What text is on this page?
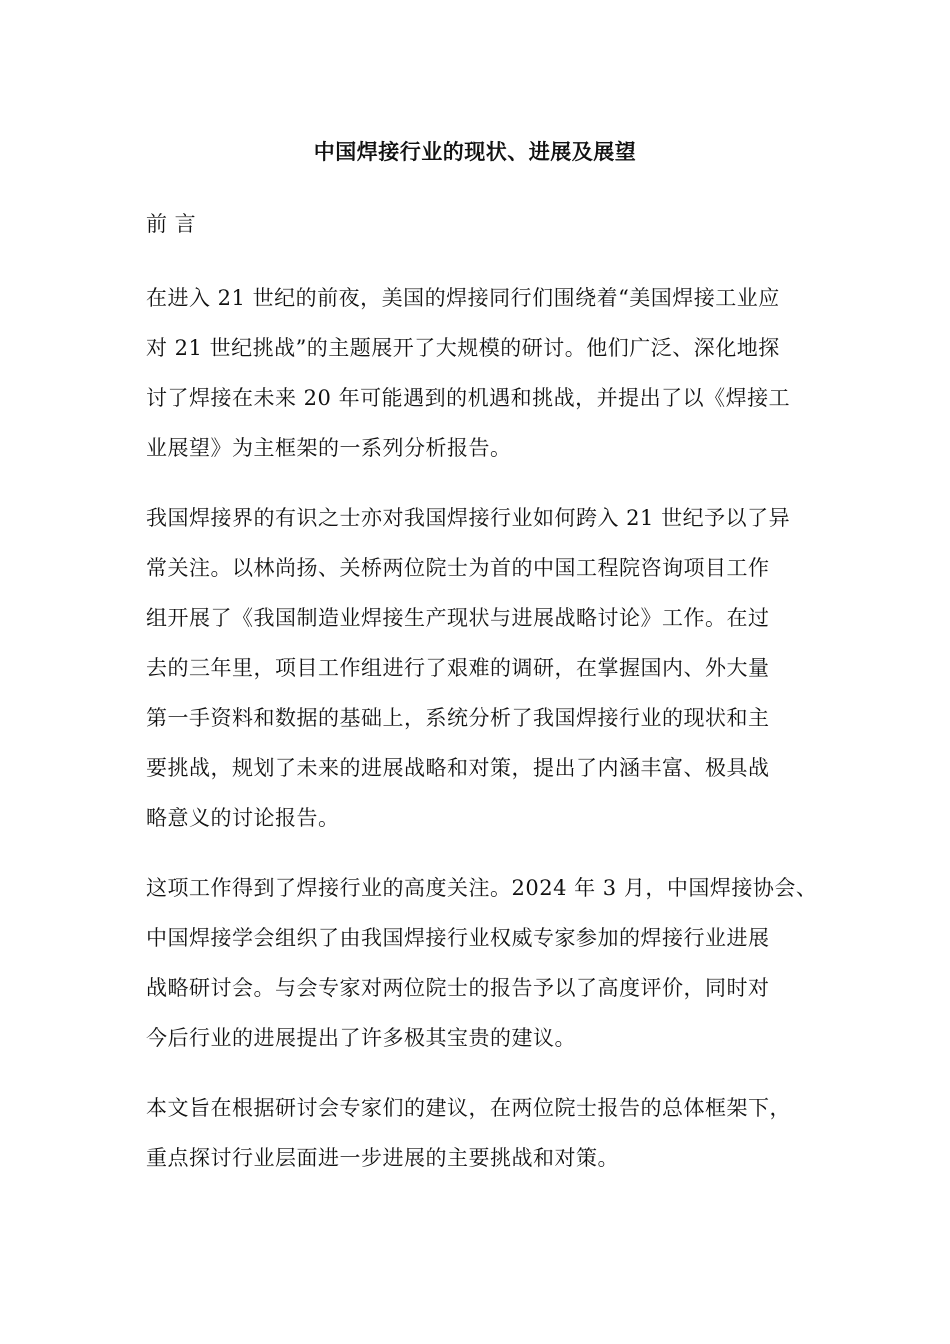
中国焊接行业的现状、进展及展望
前 言
在进入 21 世纪的前夜，美国的焊接同行们围绕着“美国焊接工业应
对 21 世纪挑战”的主题展开了大规模的研讨。他们广泛、深化地探
讨了焊接在未来 20 年可能遇到的机遇和挑战，并提出了以《焊接工
业展望》为主框架的一系列分析报告。
我国焊接界的有识之士亦对我国焊接行业如何跨入 21 世纪予以了异
常关注。以林尚扬、关桥两位院士为首的中国工程院咨询项目工作
组开展了《我国制造业焊接生产现状与进展战略讨论》工作。在过
去的三年里，项目工作组进行了艰难的调研，在掌握国内、外大量
第一手资料和数据的基础上，系统分析了我国焊接行业的现状和主
要挑战，规划了未来的进展战略和对策，提出了内涵丰富、极具战
略意义的讨论报告。
这项工作得到了焊接行业的高度关注。2024 年 3 月，中国焊接协会、
中国焊接学会组织了由我国焊接行业权威专家参加的焊接行业进展
战略研讨会。与会专家对两位院士的报告予以了高度评价，同时对
今后行业的进展提出了许多极其宝贵的建议。
本文旨在根据研讨会专家们的建议，在两位院士报告的总体框架下，
重点探讨行业层面进一步进展的主要挑战和对策。
